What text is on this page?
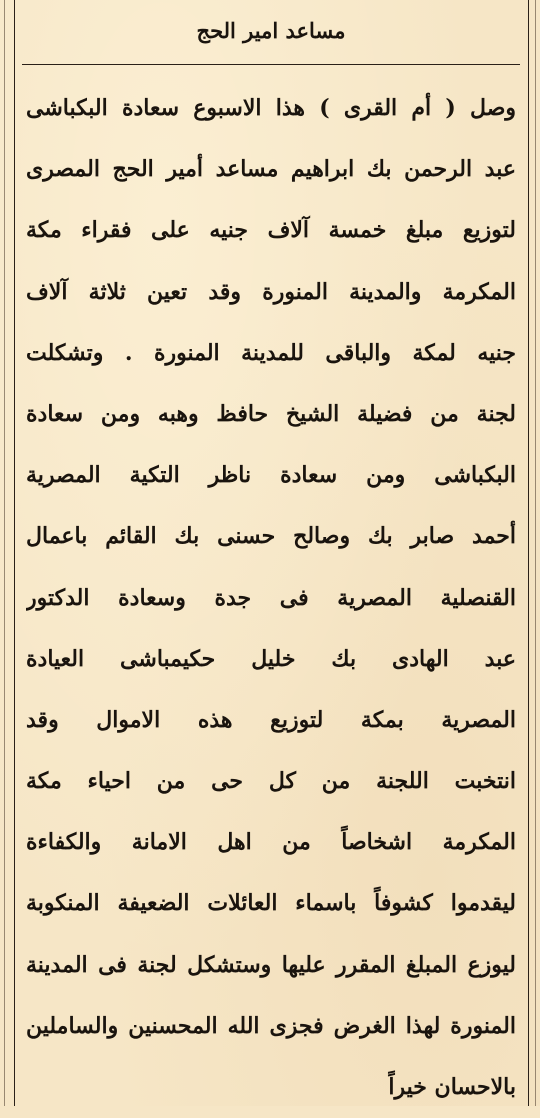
مساعد امير الحج
وصل ( أم القرى ) هذا الاسبوع سعادة البكباشى
عبد الرحمن بك ابراهيم مساعد أمير الحج المصرى
لتوزيع مبلغ خمسة آلاف جنيه على فقراء مكة
المكرمة والمدينة المنورة وقد تعين ثلاثة آلاف
جنيه لمكة والباقى للمدينة المنورة . وتشكلت
لجنة من فضيلة الشيخ حافظ وهبه ومن سعادة
البكباشى ومن سعادة ناظر التكية المصرية
أحمد صابر بك وصالح حسنى بك القائم باعمال
القنصلية المصرية فى جدة وسعادة الدكتور
عبد الهادى بك خليل حكيمباشى العيادة
المصرية بمكة لتوزيع هذه الاموال وقد
انتخبت اللجنة من كل حى من احياء مكة
المكرمة اشخاصاً من اهل الامانة والكفاءة
ليقدموا كشوفاً باسماء العائلات الضعيفة المنكوبة
ليوزع المبلغ المقرر عليها وستشكل لجنة فى المدينة
المنورة لهذا الغرض فجزى الله المحسنين والساملين
بالاحسان خيراً
